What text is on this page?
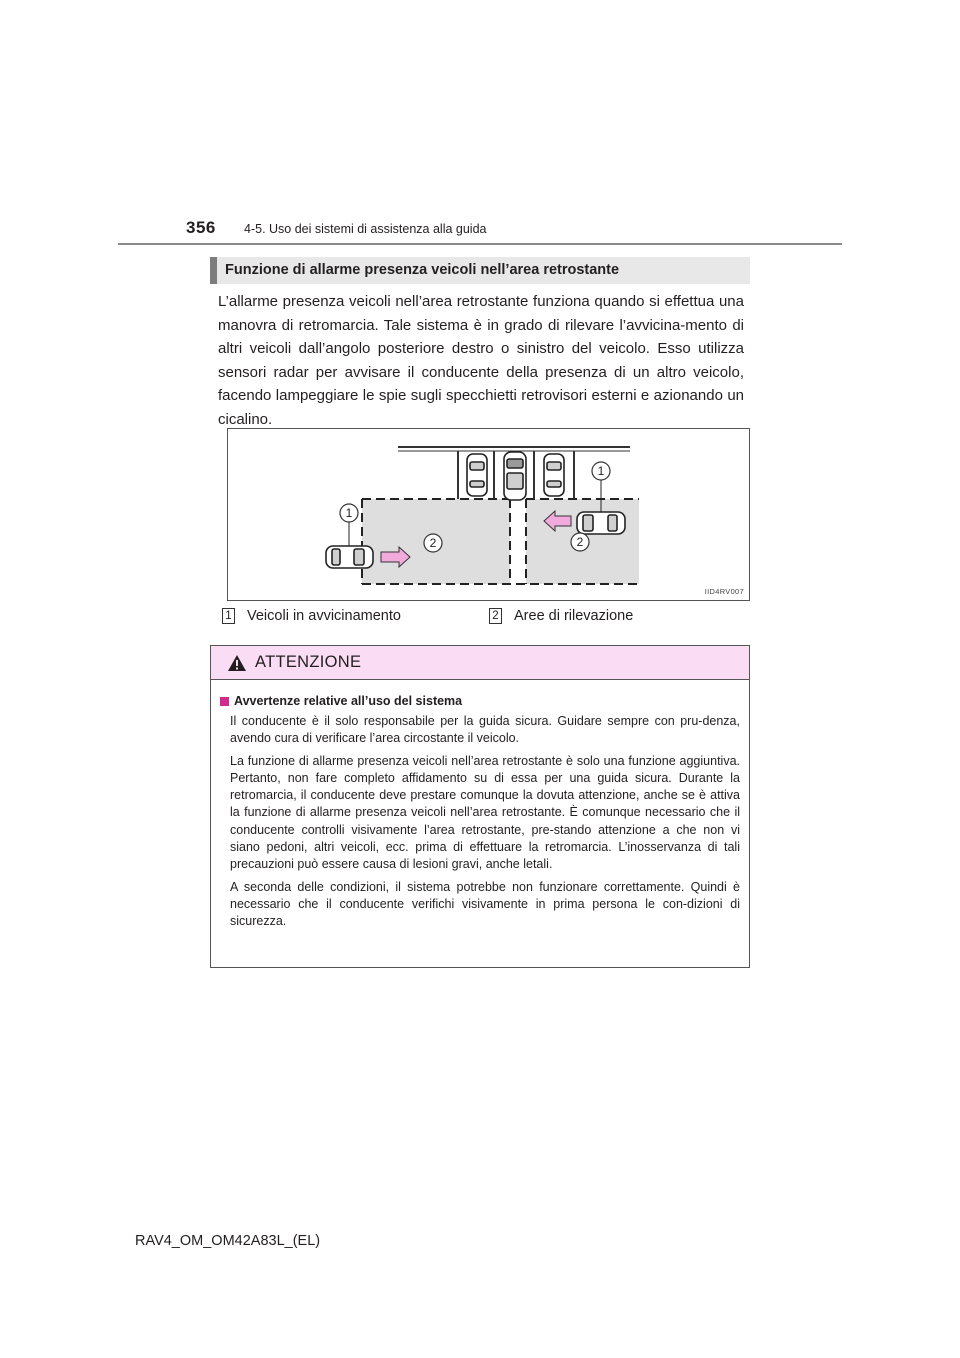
356 4-5. Uso dei sistemi di assistenza alla guida
Funzione di allarme presenza veicoli nell’area retrostante

L’allarme presenza veicoli nell’area retrostante funziona quando si effettua una manovra di retromarcia. Tale sistema è in grado di rilevare l’avvicina-mento di altri veicoli dall’angolo posteriore destro o sinistro del veicolo. Esso utilizza sensori radar per avvisare il conducente della presenza di un altro veicolo, facendo lampeggiare le spie sugli specchietti retrovisori esterni e azionando un cicalino.

1
1
2	2
IID4RV007
1 Veicoli in avvicinamento	2 Aree di rilevazione
ATTENZIONE
Avvertenze relative all’uso del sistema

Il conducente è il solo responsabile per la guida sicura. Guidare sempre con pru-denza, avendo cura di verificare l’area circostante il veicolo.

La funzione di allarme presenza veicoli nell’area retrostante è solo una funzione aggiuntiva. Pertanto, non fare completo affidamento su di essa per una guida sicura. Durante la retromarcia, il conducente deve prestare comunque la dovuta attenzione, anche se è attiva la funzione di allarme presenza veicoli nell’area retrostante. È comunque necessario che il conducente controlli visivamente l’area retrostante, pre-stando attenzione a che non vi siano pedoni, altri veicoli, ecc. prima di effettuare la retromarcia. L’inosservanza di tali precauzioni può essere causa di lesioni gravi, anche letali.

A seconda delle condizioni, il sistema potrebbe non funzionare correttamente. Quindi è necessario che il conducente verifichi visivamente in prima persona le con-dizioni di sicurezza.

RAV4_OM_OM42A83L_(EL)
